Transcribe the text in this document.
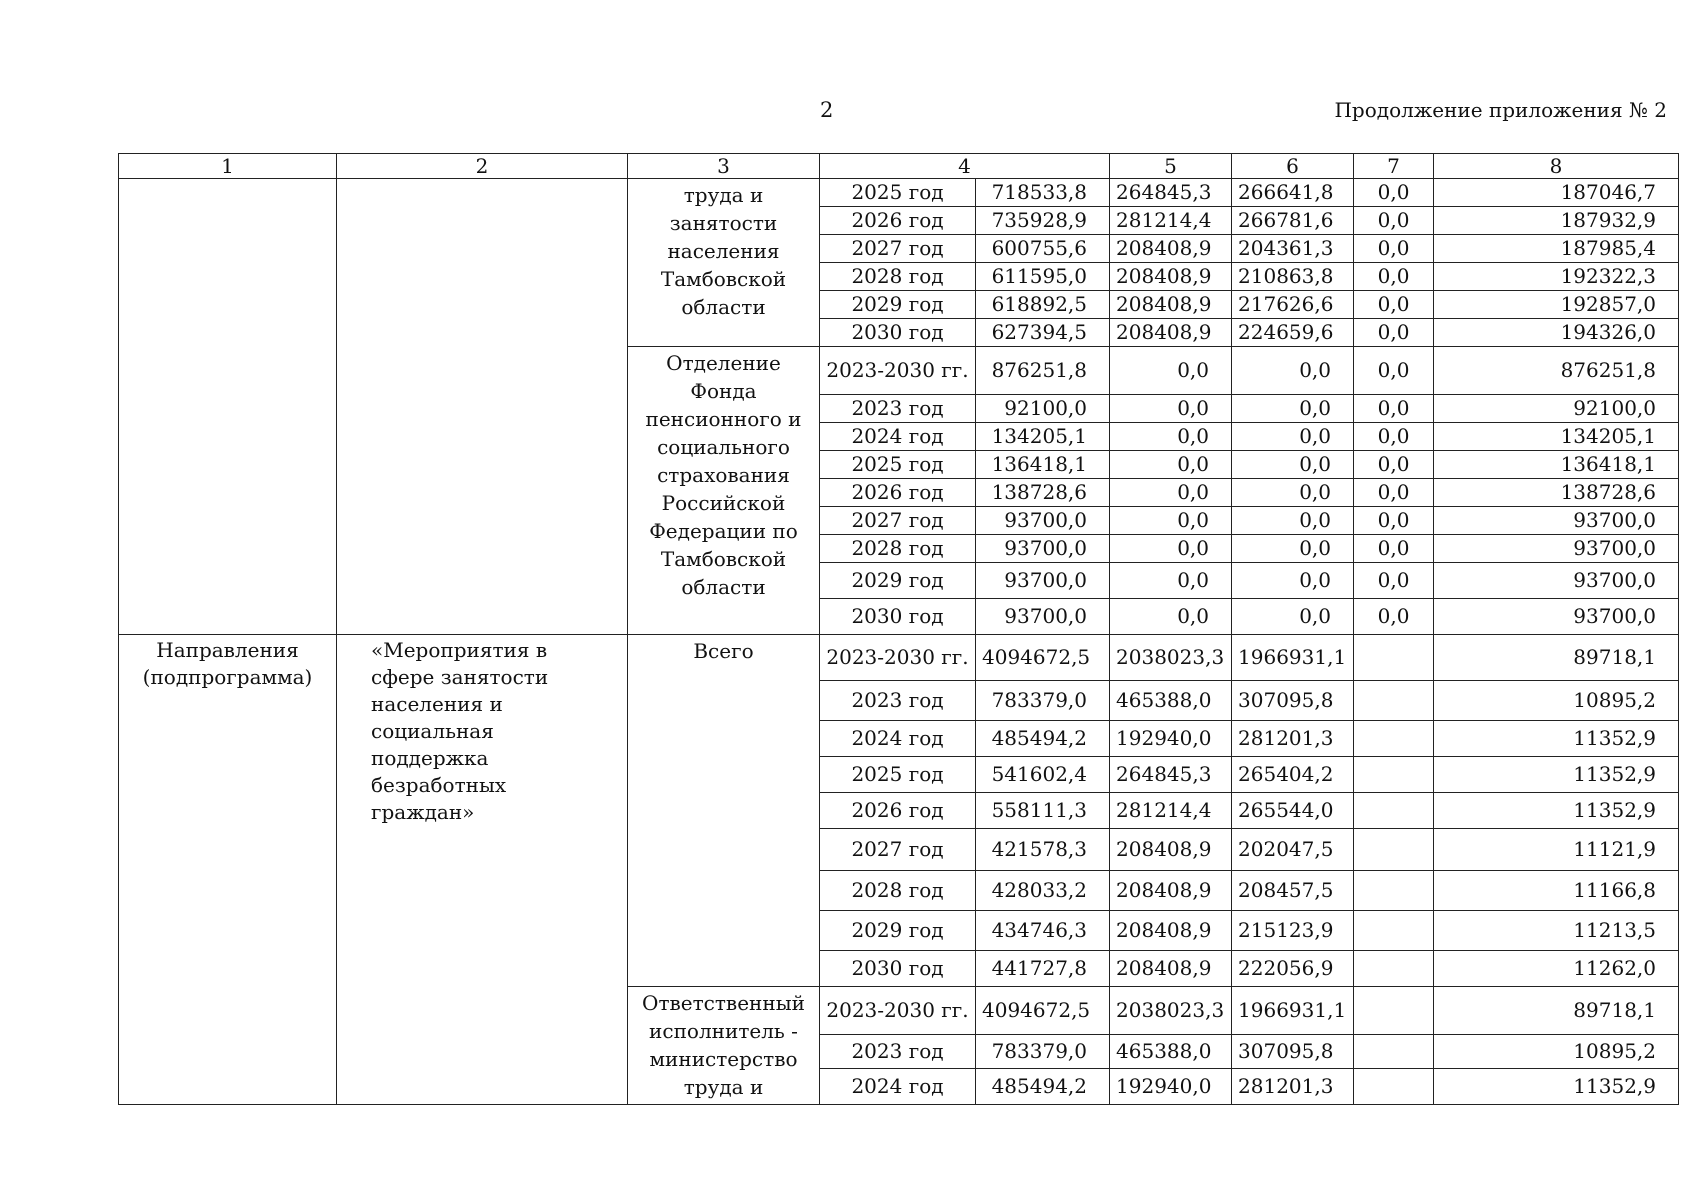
2	Продолжение приложения № 2
1	2	3	4		5	6	7	8
		труда и занятости населения Тамбовской области	2025 год	718533,8	264845,3	266641,8	0,0	187046,7
			2026 год	735928,9	281214,4	266781,6	0,0	187932,9
			2027 год	600755,6	208408,9	204361,3	0,0	187985,4
			2028 год	611595,0	208408,9	210863,8	0,0	192322,3
			2029 год	618892,5	208408,9	217626,6	0,0	192857,0
			2030 год	627394,5	208408,9	224659,6	0,0	194326,0
		Отделение Фонда пенсионного и социального страхования Российской Федерации по Тамбовской области	2023-2030 гг.	876251,8	0,0	0,0	0,0	876251,8
			2023 год	92100,0	0,0	0,0	0,0	92100,0
			2024 год	134205,1	0,0	0,0	0,0	134205,1
			2025 год	136418,1	0,0	0,0	0,0	136418,1
			2026 год	138728,6	0,0	0,0	0,0	138728,6
			2027 год	93700,0	0,0	0,0	0,0	93700,0
			2028 год	93700,0	0,0	0,0	0,0	93700,0
			2029 год	93700,0	0,0	0,0	0,0	93700,0
			2030 год	93700,0	0,0	0,0	0,0	93700,0
Направления (подпрограмма)	«Мероприятия в сфере занятости населения и социальная поддержка безработных граждан»	Всего	2023-2030 гг.	4094672,5	2038023,3	1966931,1		89718,1
			2023 год	783379,0	465388,0	307095,8		10895,2
			2024 год	485494,2	192940,0	281201,3		11352,9
			2025 год	541602,4	264845,3	265404,2		11352,9
			2026 год	558111,3	281214,4	265544,0		11352,9
			2027 год	421578,3	208408,9	202047,5		11121,9
			2028 год	428033,2	208408,9	208457,5		11166,8
			2029 год	434746,3	208408,9	215123,9		11213,5
			2030 год	441727,8	208408,9	222056,9		11262,0
		Ответственный исполнитель - министерство труда и	2023-2030 гг.	4094672,5	2038023,3	1966931,1		89718,1
			2023 год	783379,0	465388,0	307095,8		10895,2
			2024 год	485494,2	192940,0	281201,3		11352,9
